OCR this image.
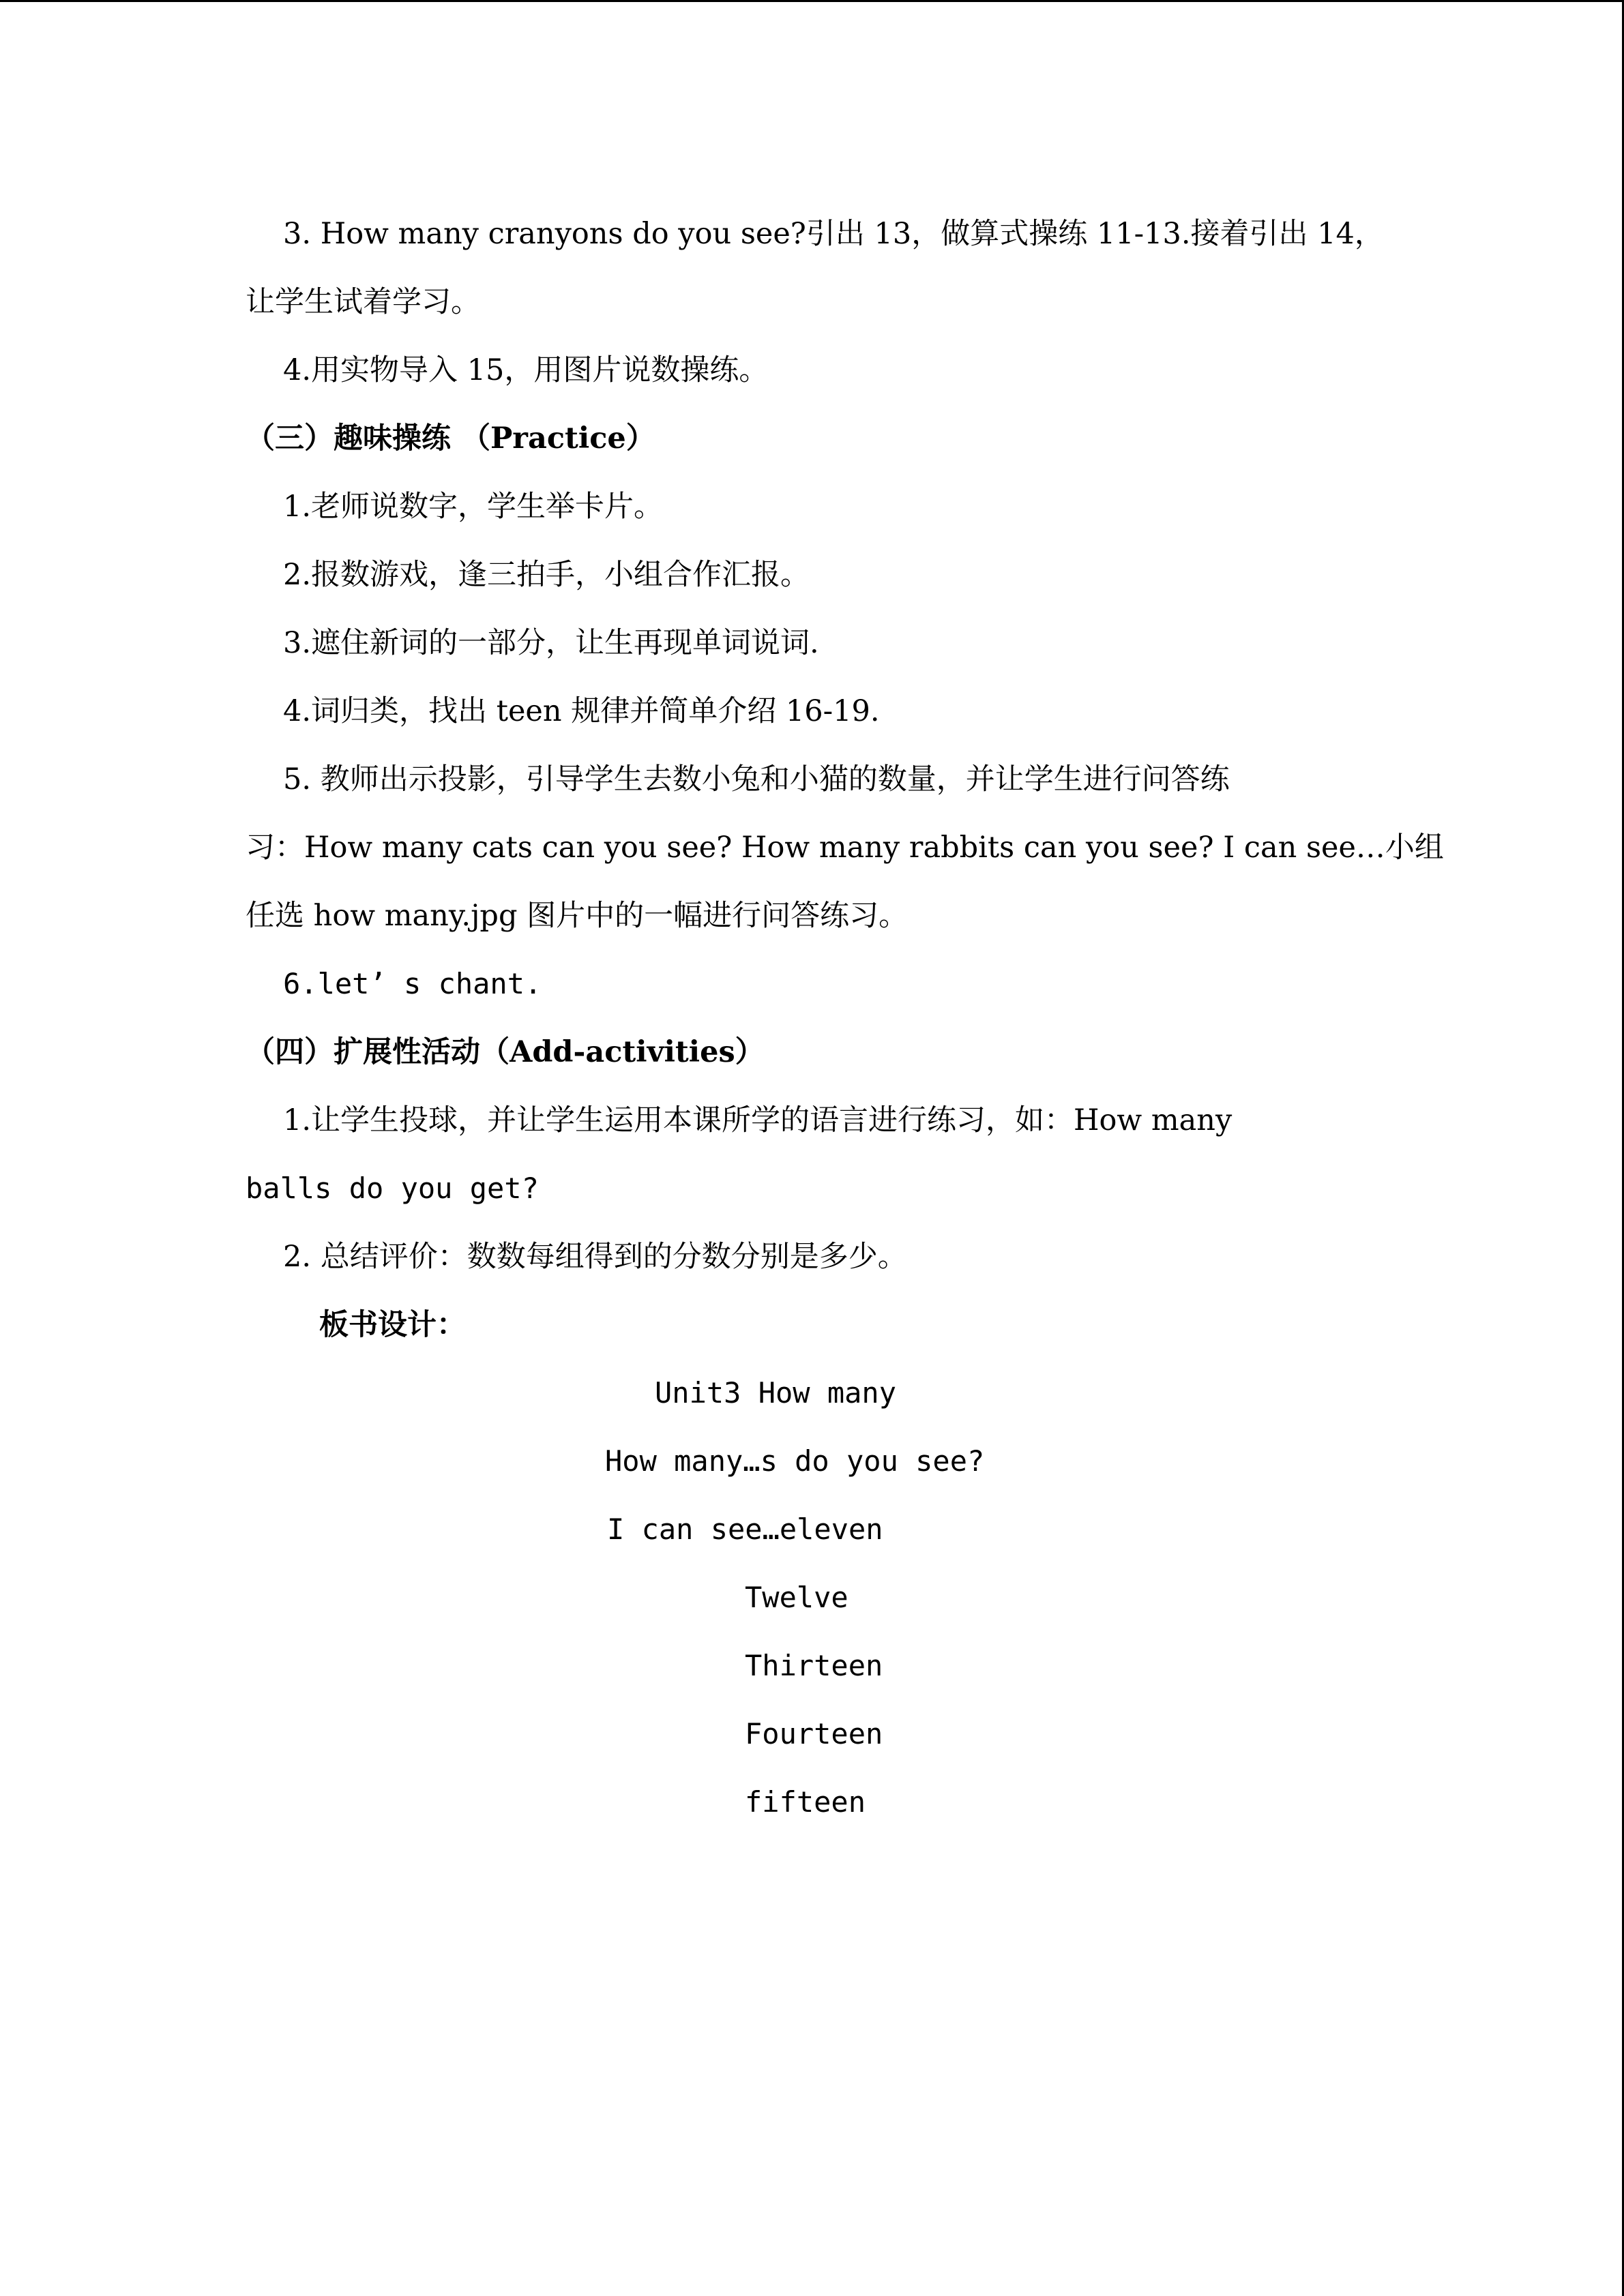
3. How many cranyons do you see?引出 13，做算式操练 11-13.接着引出 14，
让学生试着学习。
4.用实物导入 15，用图片说数操练。
（三）趣味操练 （Practice）
1.老师说数字，学生举卡片。
2.报数游戏，逢三拍手，小组合作汇报。
3.遮住新词的一部分，让生再现单词说词.
4.词归类，找出 teen 规律并简单介绍 16-19.
5. 教师出示投影，引导学生去数小兔和小猫的数量，并让学生进行问答练
习：How many cats can you see? How many rabbits can you see? I can see…小组
任选 how many.jpg 图片中的一幅进行问答练习。
6.let’ s chant.
（四）扩展性活动（Add-activities）
1.让学生投球，并让学生运用本课所学的语言进行练习，如：How many
balls do you get?
2. 总结评价：数数每组得到的分数分别是多少。
板书设计：
Unit3 How many
How many…s do you see?
I can see…eleven
Twelve
Thirteen
Fourteen
fifteen
